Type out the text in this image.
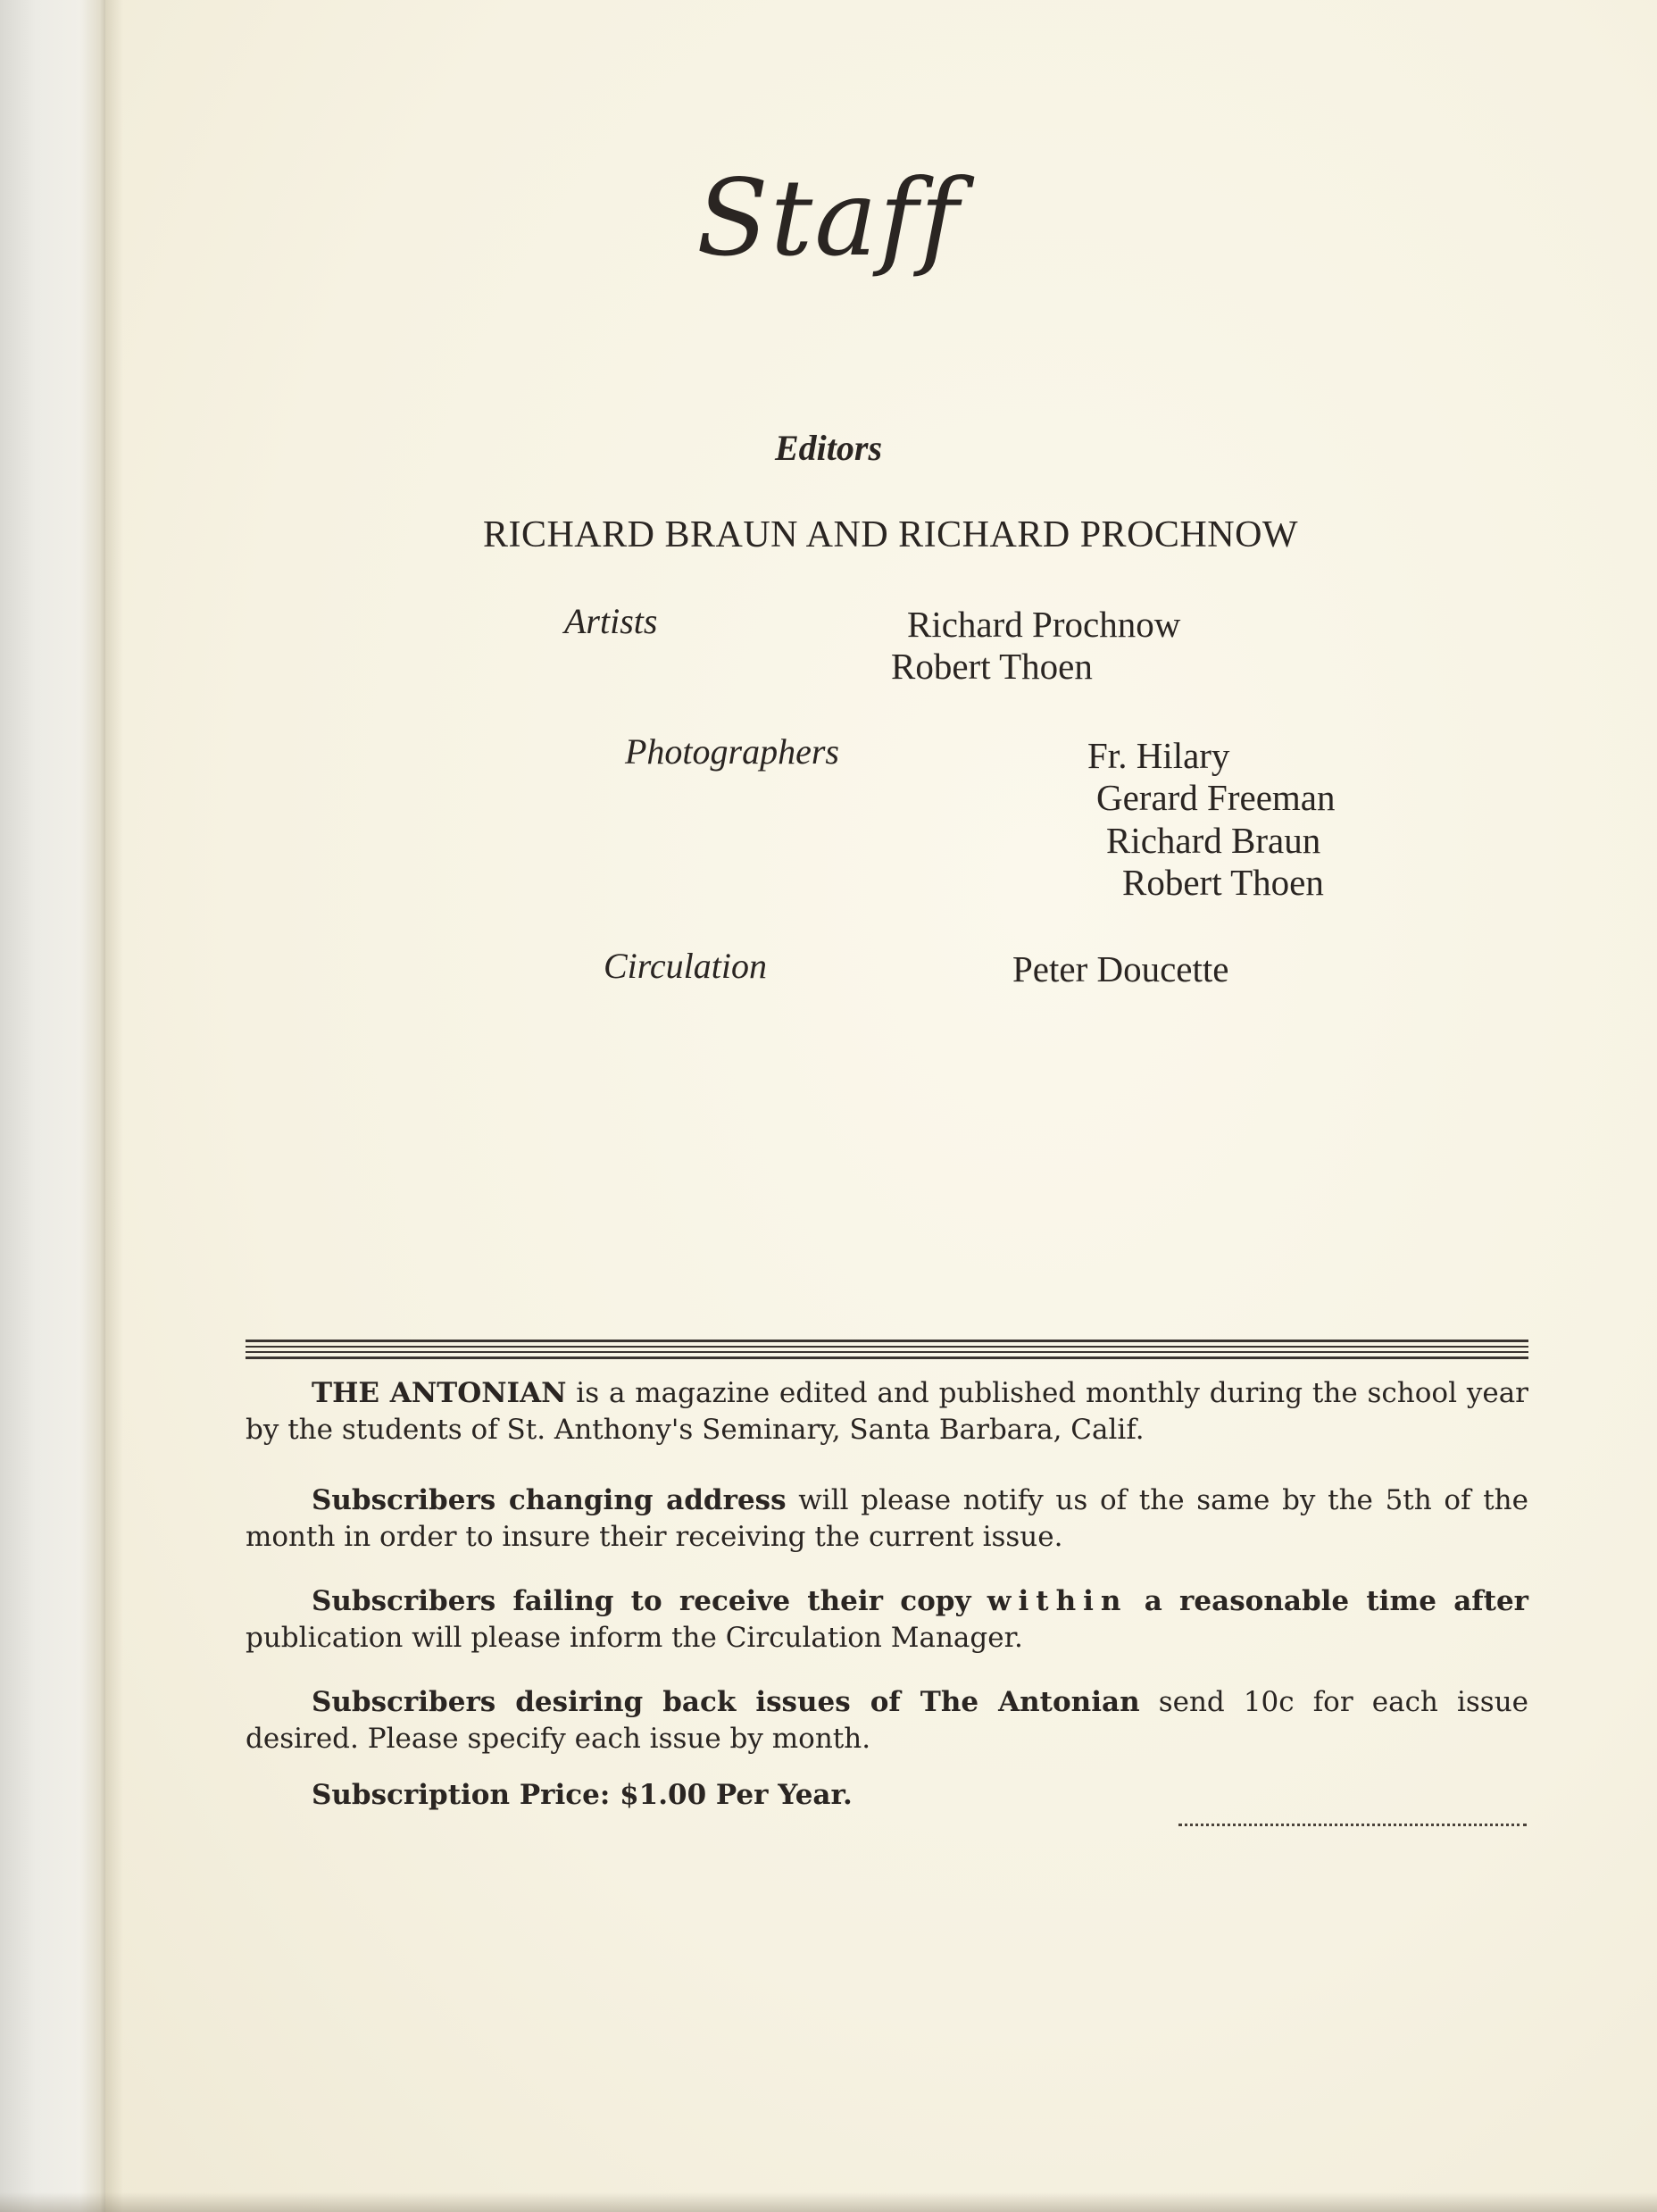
Staff
Editors
RICHARD BRAUN AND RICHARD PROCHNOW
Artists	Richard Prochnow
Robert Thoen
Photographers	Fr. Hilary
Gerard Freeman
Richard Braun
Robert Thoen
Circulation	Peter Doucette

THE ANTONIAN is a magazine edited and published monthly during the school year by the students of St. Anthony's Seminary, Santa Barbara, Calif.

Subscribers changing address will please notify us of the same by the 5th of the month in order to insure their receiving the current issue.

Subscribers failing to receive their copy within a reasonable time after publication will please inform the Circulation Manager.

Subscribers desiring back issues of The Antonian send 10c for each issue desired. Please specify each issue by month.

Subscription Price: $1.00 Per Year.
